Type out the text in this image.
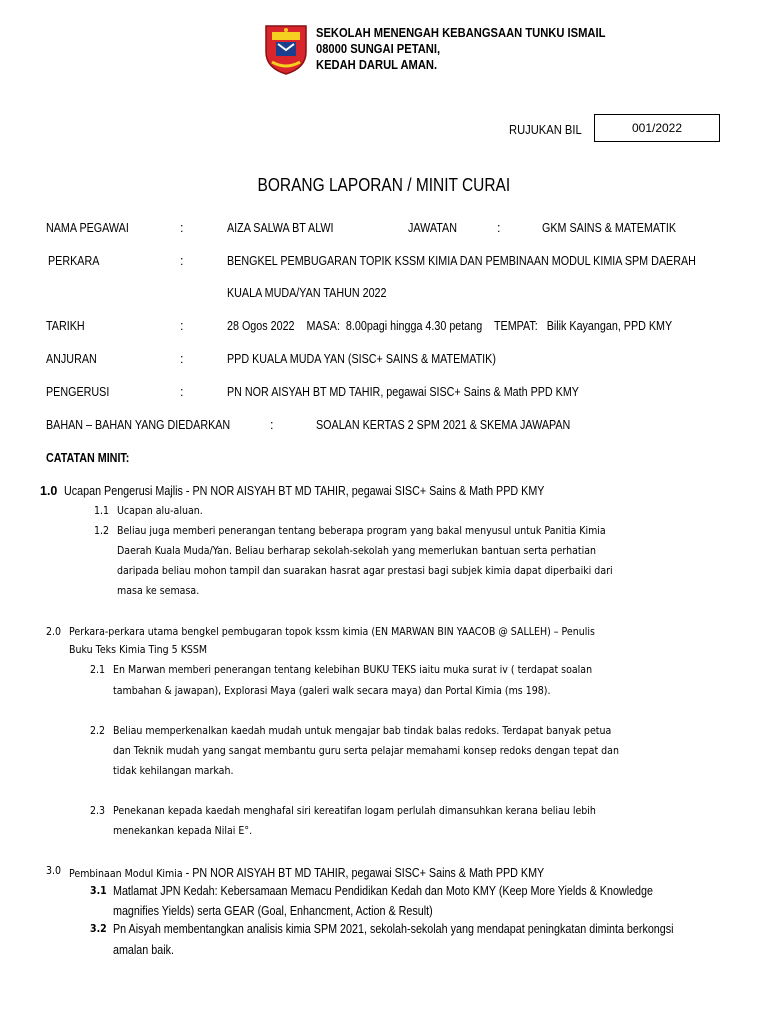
SEKOLAH MENENGAH KEBANGSAAN TUNKU ISMAIL
08000 SUNGAI PETANI,
KEDAH DARUL AMAN.
RUJUKAN BIL	001/2022
BORANG LAPORAN / MINIT CURAI
NAMA PEGAWAI	:	AIZA SALWA BT ALWI	JAWATAN	:	GKM SAINS & MATEMATIK
PERKARA	:	BENGKEL PEMBUGARAN TOPIK KSSM KIMIA DAN PEMBINAAN MODUL KIMIA SPM DAERAH
KUALA MUDA/YAN TAHUN 2022
TARIKH	:	28 Ogos 2022    MASA:  8.00pagi hingga 4.30 petang    TEMPAT:   Bilik Kayangan, PPD KMY
ANJURAN	:	PPD KUALA MUDA YAN (SISC+ SAINS & MATEMATIK)
PENGERUSI	:	PN NOR AISYAH BT MD TAHIR, pegawai SISC+ Sains & Math PPD KMY
BAHAN – BAHAN YANG DIEDARKAN	:	SOALAN KERTAS 2 SPM 2021 & SKEMA JAWAPAN
CATATAN MINIT:
1.0 Ucapan Pengerusi Majlis - PN NOR AISYAH BT MD TAHIR, pegawai SISC+ Sains & Math PPD KMY
1.1 Ucapan alu-aluan.
1.2 Beliau juga memberi penerangan tentang beberapa program yang bakal menyusul untuk Panitia Kimia
Daerah Kuala Muda/Yan. Beliau berharap sekolah-sekolah yang memerlukan bantuan serta perhatian
daripada beliau mohon tampil dan suarakan hasrat agar prestasi bagi subjek kimia dapat diperbaiki dari
masa ke semasa.
2.0 Perkara-perkara utama bengkel pembugaran topok kssm kimia (EN MARWAN BIN YAACOB @ SALLEH) – Penulis
Buku Teks Kimia Ting 5 KSSM
2.1 En Marwan memberi penerangan tentang kelebihan BUKU TEKS iaitu muka surat iv ( terdapat soalan
tambahan & jawapan), Explorasi Maya (galeri walk secara maya) dan Portal Kimia (ms 198).
2.2 Beliau memperkenalkan kaedah mudah untuk mengajar bab tindak balas redoks. Terdapat banyak petua
dan Teknik mudah yang sangat membantu guru serta pelajar memahami konsep redoks dengan tepat dan
tidak kehilangan markah.
2.3 Penekanan kepada kaedah menghafal siri kereatifan logam perlulah dimansuhkan kerana beliau lebih
menekankan kepada Nilai E°.
3.0 Pembinaan Modul Kimia - PN NOR AISYAH BT MD TAHIR, pegawai SISC+ Sains & Math PPD KMY
3.1 Matlamat JPN Kedah: Kebersamaan Memacu Pendidikan Kedah dan Moto KMY (Keep More Yields & Knowledge
magnifies Yields) serta GEAR (Goal, Enhancment, Action & Result)
3.2 Pn Aisyah membentangkan analisis kimia SPM 2021, sekolah-sekolah yang mendapat peningkatan diminta berkongsi
amalan baik.
